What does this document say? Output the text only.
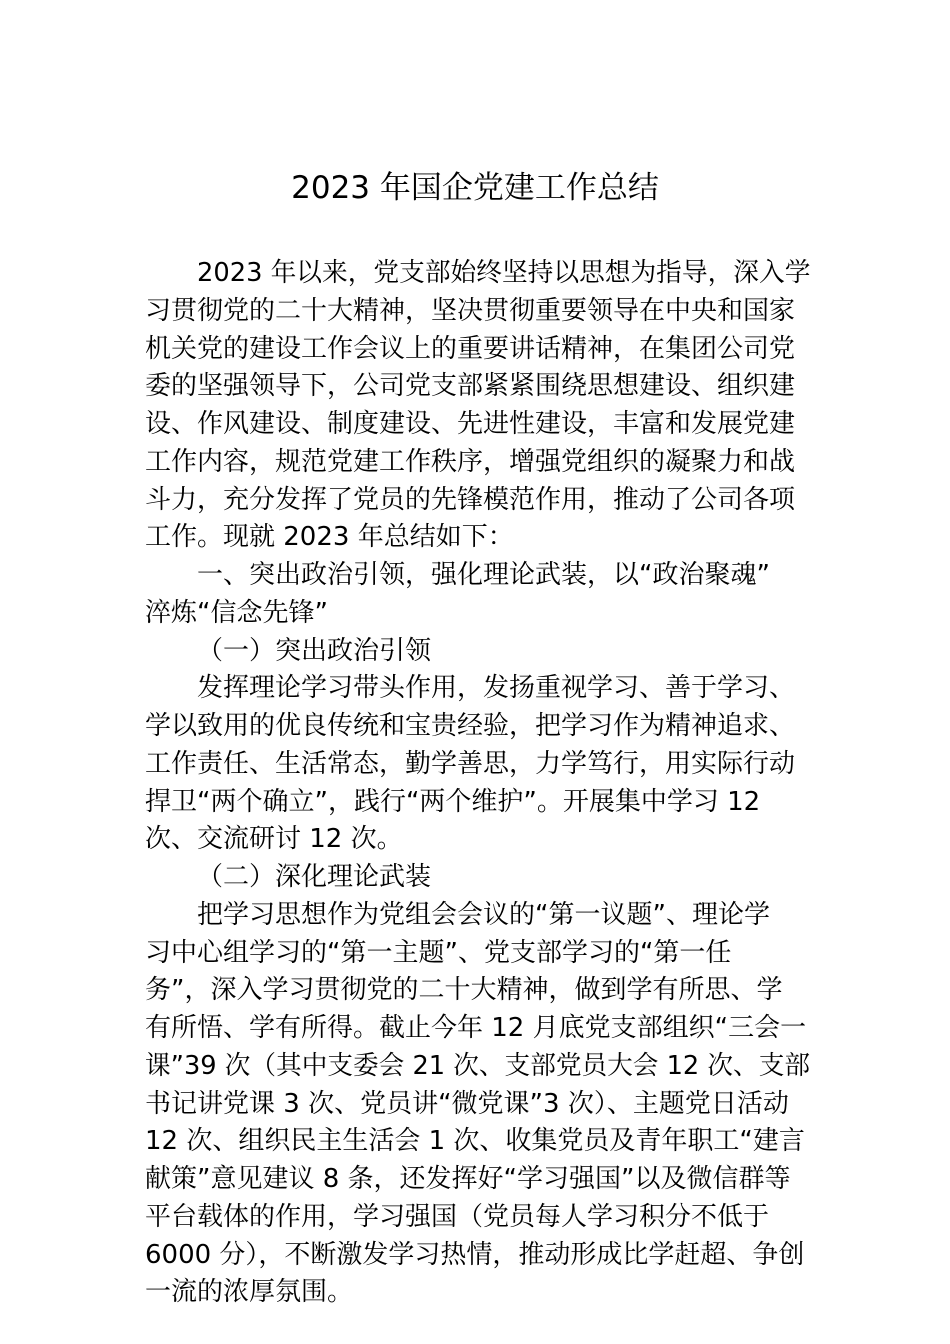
2023 年国企党建工作总结
2023 年以来，党支部始终坚持以思想为指导，深入学
习贯彻党的二十大精神，坚决贯彻重要领导在中央和国家
机关党的建设工作会议上的重要讲话精神，在集团公司党
委的坚强领导下，公司党支部紧紧围绕思想建设、组织建
设、作风建设、制度建设、先进性建设，丰富和发展党建
工作内容，规范党建工作秩序，增强党组织的凝聚力和战
斗力，充分发挥了党员的先锋模范作用，推动了公司各项
工作。现就 2023 年总结如下：
一、突出政治引领，强化理论武装，以“政治聚魂”
淬炼“信念先锋”
（一）突出政治引领
发挥理论学习带头作用，发扬重视学习、善于学习、
学以致用的优良传统和宝贵经验，把学习作为精神追求、
工作责任、生活常态，勤学善思，力学笃行，用实际行动
捍卫“两个确立”，践行“两个维护”。开展集中学习 12
次、交流研讨 12 次。
（二）深化理论武装
把学习思想作为党组会会议的“第一议题”、理论学
习中心组学习的“第一主题”、党支部学习的“第一任
务”，深入学习贯彻党的二十大精神，做到学有所思、学
有所悟、学有所得。截止今年 12 月底党支部组织“三会一
课”39 次（其中支委会 21 次、支部党员大会 12 次、支部
书记讲党课 3 次、党员讲“微党课”3 次）、主题党日活动
12 次、组织民主生活会 1 次、收集党员及青年职工“建言
献策”意见建议 8 条，还发挥好“学习强国”以及微信群等
平台载体的作用，学习强国（党员每人学习积分不低于
6000 分），不断激发学习热情，推动形成比学赶超、争创
一流的浓厚氛围。
